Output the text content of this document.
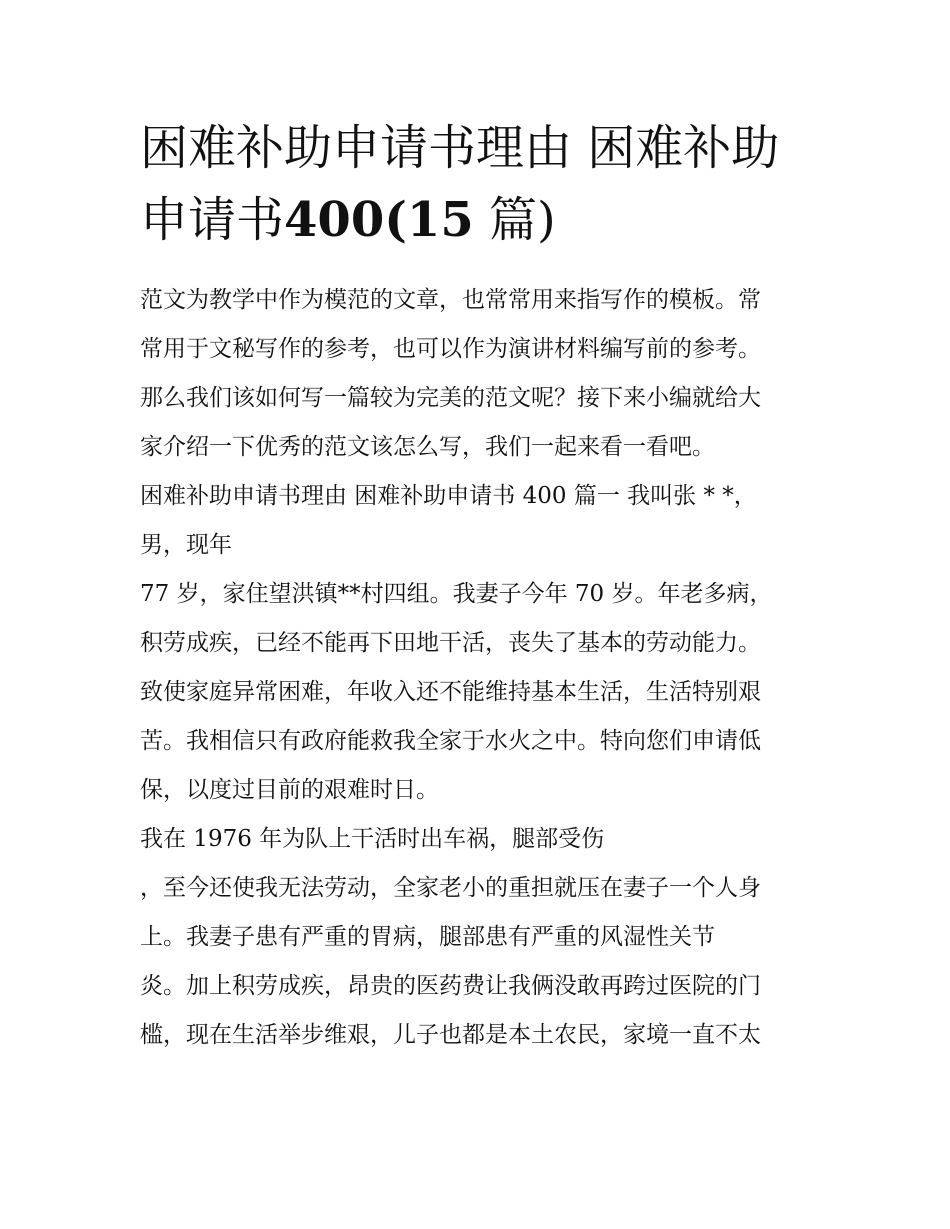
困难补助申请书理由 困难补助
申请书400(15 篇)
范文为教学中作为模范的文章，也常常用来指写作的模板。常
常用于文秘写作的参考，也可以作为演讲材料编写前的参考。
那么我们该如何写一篇较为完美的范文呢？接下来小编就给大
家介绍一下优秀的范文该怎么写，我们一起来看一看吧。
困难补助申请书理由 困难补助申请书 400 篇一 我叫张 * *，
男，现年
77 岁，家住望洪镇**村四组。我妻子今年 70 岁。年老多病，
积劳成疾，已经不能再下田地干活，丧失了基本的劳动能力。
致使家庭异常困难，年收入还不能维持基本生活，生活特别艰
苦。我相信只有政府能救我全家于水火之中。特向您们申请低
保，以度过目前的艰难时日。
我在 1976 年为队上干活时出车祸，腿部受伤
，至今还使我无法劳动，全家老小的重担就压在妻子一个人身
上。我妻子患有严重的胃病，腿部患有严重的风湿性关节
炎。加上积劳成疾，昂贵的医药费让我俩没敢再跨过医院的门
槛，现在生活举步维艰，儿子也都是本土农民，家境一直不太
